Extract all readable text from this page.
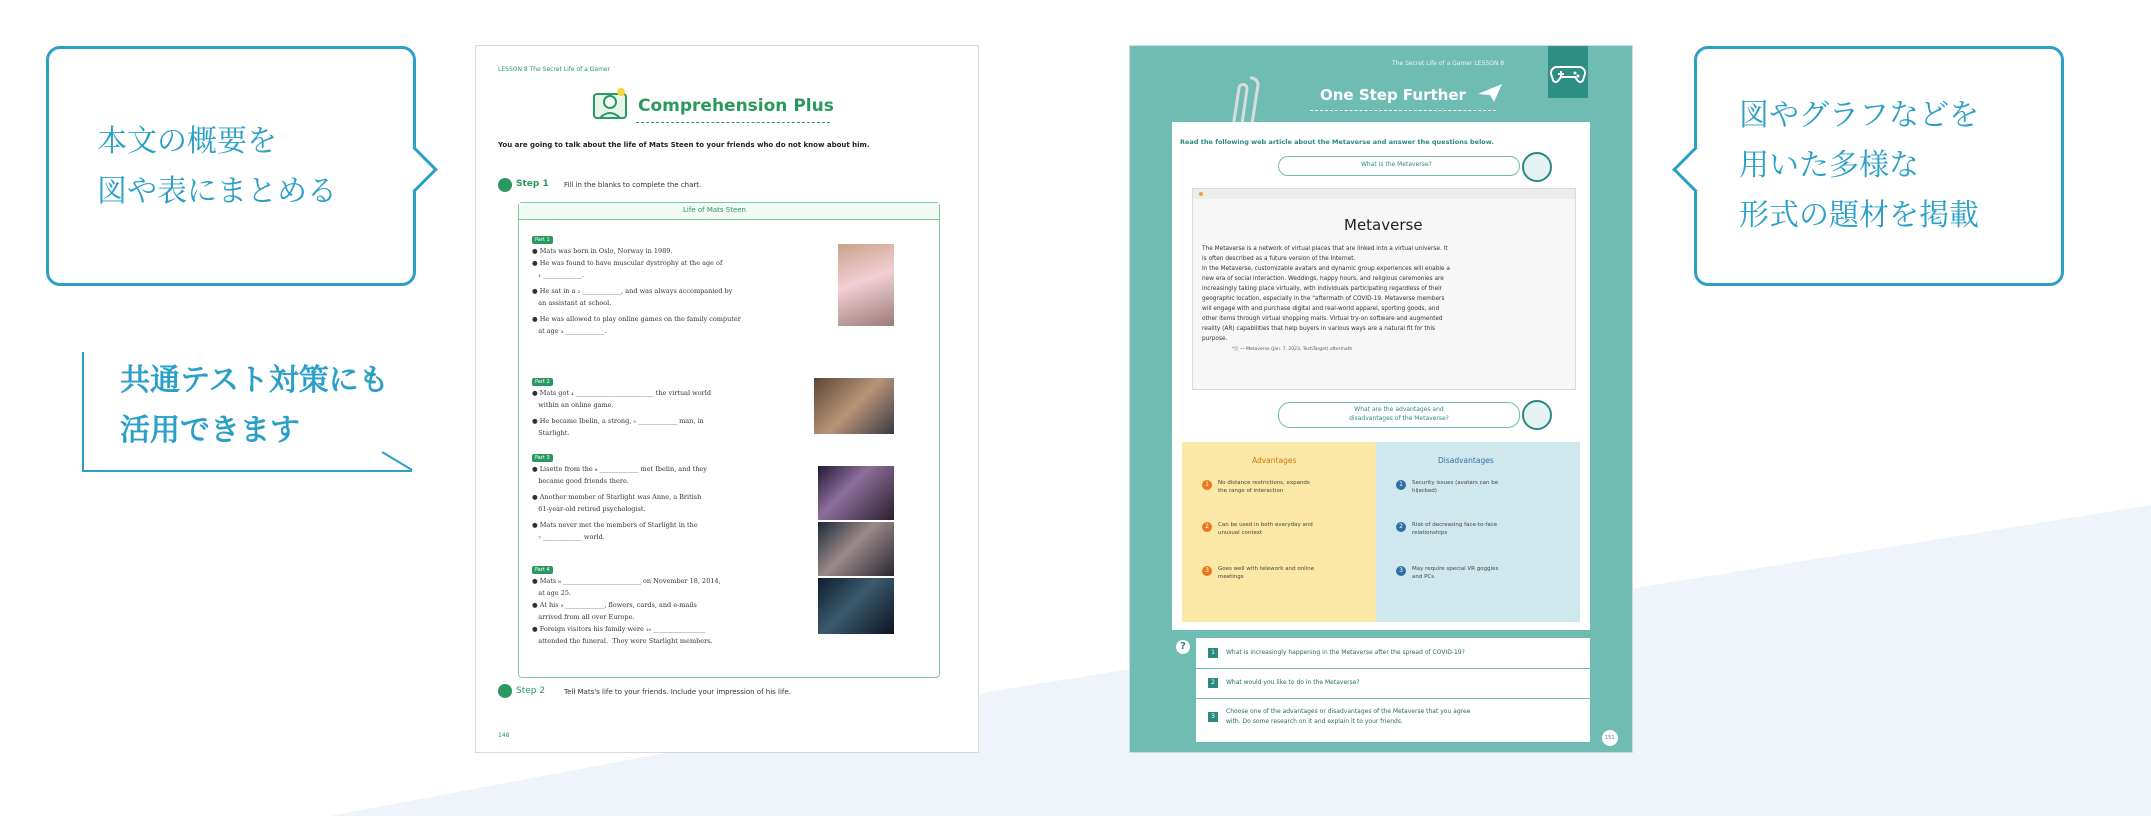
本文の概要を
図や表にまとめる
共通テスト対策にも
活用できます
図やグラフなどを
用いた多様な
形式の題材を掲載
LESSON 8 The Secret Life of a Gamer
Comprehension Plus
You are going to talk about the life of Mats Steen to your friends who do not know about him.
Step 1 Fill in the blanks to complete the chart.
Life of Mats Steen
Part 1
● Mats was born in Oslo, Norway in 1989.
● He was found to have muscular dystrophy at the age of
₁ ____________.
● He sat in a ₂ ____________, and was always accompanied by
an assistant at school.
● He was allowed to play online games on the family computer
at age ₃ ____________.
Part 2
● Mats got ₄ ________________________ the virtual world
within an online game.
● He became Ibelin, a strong, ₅ ____________ man, in
Starlight.
Part 3
● Lisette from the ₆ ____________ met Ibelin, and they
became good friends there.
● Another member of Starlight was Anne, a British
61-year-old retired psychologist.
● Mats never met the members of Starlight in the
₇ ____________ world.
Part 4
● Mats ₈ ________________________ on November 18, 2014,
at age 25.
● At his ₉ ____________, flowers, cards, and e-mails
arrived from all over Europe.
● Foreign visitors his family were ₁₀ ________________
attended the funeral.  They were Starlight members.
Step 2	Tell Mats's life to your friends. Include your impression of his life.
148
The Secret Life of a Gamer LESSON 8
One Step Further
Read the following web article about the Metaverse and answer the questions below.
What is the Metaverse?
Metaverse
The Metaverse is a network of virtual places that are linked into a virtual universe. It
is often described as a future version of the Internet.
In the Metaverse, customizable avatars and dynamic group experiences will enable a
new era of social interaction. Weddings, happy hours, and religious ceremonies are
increasingly taking place virtually, with individuals participating regardless of their
geographic location, especially in the "aftermath of COVID-19. Metaverse members
will engage with and purchase digital and real-world apparel, sporting goods, and
other items through virtual shopping malls. Virtual try-on software and augmented
reality (AR) capabilities that help buyers in various ways are a natural fit for this
purpose.
*注 ― Metaverse (Jan. 7, 2023, TechTarget) aftermath
What are the advantages and
disadvantages of the Metaverse?
Advantages
1	No distance restrictions, expands
the range of interaction
2	Can be used in both everyday and
unusual context
3	Goes well with telework and online
meetings
Disadvantages
1	Security issues (avatars can be
hijacked)
2	Risk of decreasing face-to-face
relationships
3	May require special VR goggles
and PCs
?
1	What is increasingly happening in the Metaverse after the spread of COVID-19?
2	What would you like to do in the Metaverse?
3
Choose one of the advantages or disadvantages of the Metaverse that you agree
with. Do some research on it and explain it to your friends.
151
